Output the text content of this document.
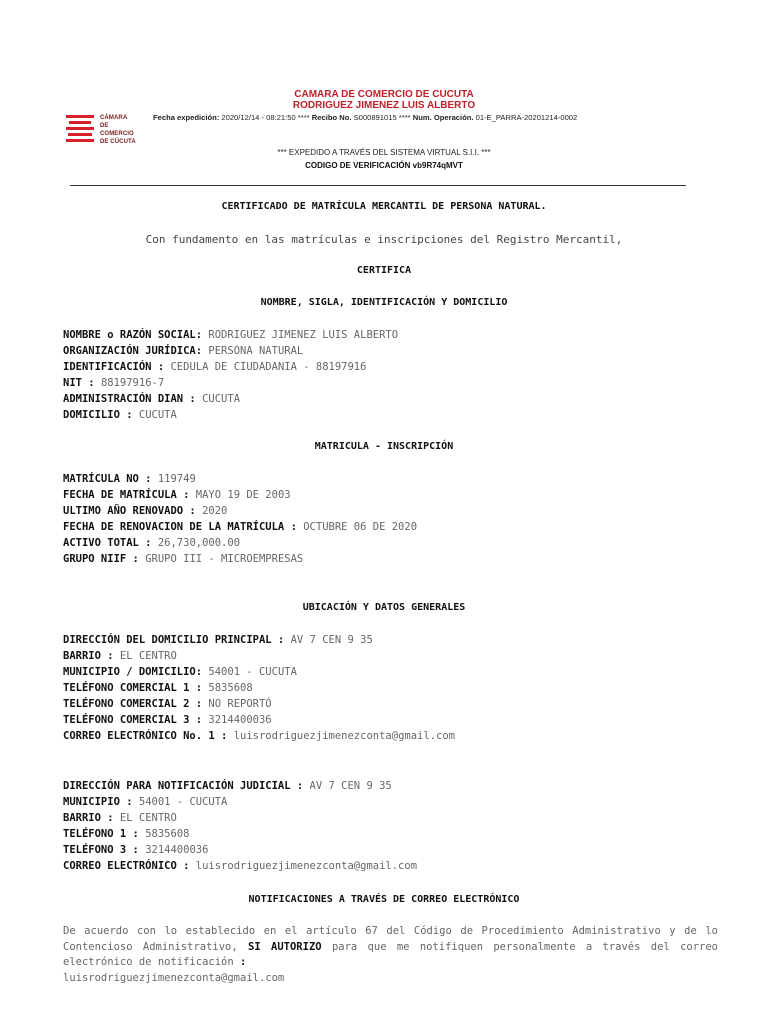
CÁMARA DE
COMERCIO
DE CÚCUTA
CAMARA DE COMERCIO DE CUCUTA
RODRIGUEZ JIMENEZ LUIS ALBERTO
Fecha expedición: 2020/12/14 - 08:21:50 **** Recibo No. S000891015 **** Num. Operación. 01-E_PARRA-20201214-0002
*** EXPEDIDO A TRAVÉS DEL SISTEMA VIRTUAL S.I.I. ***
CODIGO DE VERIFICACIÓN vb9R74qMVT
CERTIFICADO DE MATRÍCULA MERCANTIL DE PERSONA NATURAL.
Con fundamento en las matrículas e inscripciones del Registro Mercantil,
CERTIFICA
NOMBRE, SIGLA, IDENTIFICACIÓN Y DOMICILIO
NOMBRE o RAZÓN SOCIAL: RODRIGUEZ JIMENEZ LUIS ALBERTO
ORGANIZACIÓN JURÍDICA: PERSONA NATURAL
IDENTIFICACIÓN : CEDULA DE CIUDADANIA - 88197916
NIT : 88197916-7
ADMINISTRACIÓN DIAN : CUCUTA
DOMICILIO : CUCUTA
MATRICULA - INSCRIPCIÓN
MATRÍCULA NO : 119749
FECHA DE MATRÍCULA : MAYO 19 DE 2003
ULTIMO AÑO RENOVADO : 2020
FECHA DE RENOVACION DE LA MATRÍCULA : OCTUBRE 06 DE 2020
ACTIVO TOTAL : 26,730,000.00
GRUPO NIIF : GRUPO III - MICROEMPRESAS
UBICACIÓN Y DATOS GENERALES
DIRECCIÓN DEL DOMICILIO PRINCIPAL : AV 7 CEN 9 35
BARRIO : EL CENTRO
MUNICIPIO / DOMICILIO: 54001 - CUCUTA
TELÉFONO COMERCIAL 1 : 5835608
TELÉFONO COMERCIAL 2 : NO REPORTÓ
TELÉFONO COMERCIAL 3 : 3214400036
CORREO ELECTRÓNICO No. 1 : luisrodriguezjimenezconta@gmail.com
DIRECCIÓN PARA NOTIFICACIÓN JUDICIAL : AV 7 CEN 9 35
MUNICIPIO : 54001 - CUCUTA
BARRIO : EL CENTRO
TELÉFONO 1 : 5835608
TELÉFONO 3 : 3214400036
CORREO ELECTRÓNICO : luisrodriguezjimenezconta@gmail.com
NOTIFICACIONES A TRAVÉS DE CORREO ELECTRÓNICO
De acuerdo con lo establecido en el artículo 67 del Código de Procedimiento Administrativo y de lo Contencioso Administrativo, SI AUTORIZO para que me notifiquen personalmente a través del correo electrónico de notificación :
luisrodriguezjimenezconta@gmail.com
